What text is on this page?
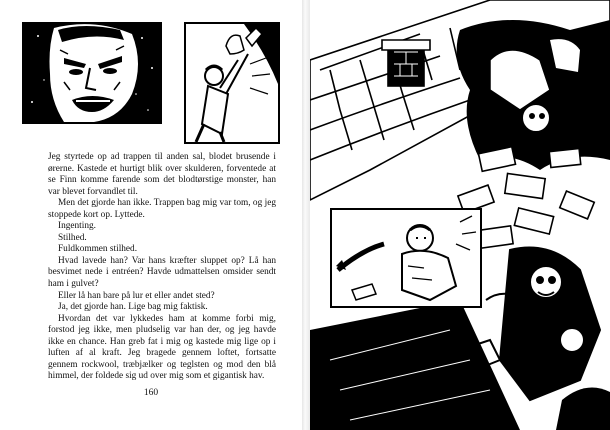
Jeg styrtede op ad trappen til anden sal, blodet brusende i ørerne. Kastede et hurtigt blik over skulderen, forventede at se Finn komme farende som det blodtørstige monster, han var blevet forvandlet til.

Men det gjorde han ikke. Trappen bag mig var tom, og jeg stoppede kort op. Lyttede.

Ingenting.

Stilhed.

Fuldkommen stilhed.

Hvad lavede han? Var hans kræfter sluppet op? Lå han besvimet nede i entréen? Havde udmattelsen omsider sendt ham i gulvet?

Eller lå han bare på lur et eller andet sted?

Ja, det gjorde han. Lige bag mig faktisk.

Hvordan det var lykkedes ham at komme forbi mig, forstod jeg ikke, men pludselig var han der, og jeg havde ikke en chance. Han greb fat i mig og kastede mig lige op i luften af al kraft. Jeg bragede gennem loftet, fortsatte gennem rockwool, træbjælker og teglsten og mod den blå himmel, der foldede sig ud over mig som et gigantisk hav.

160
